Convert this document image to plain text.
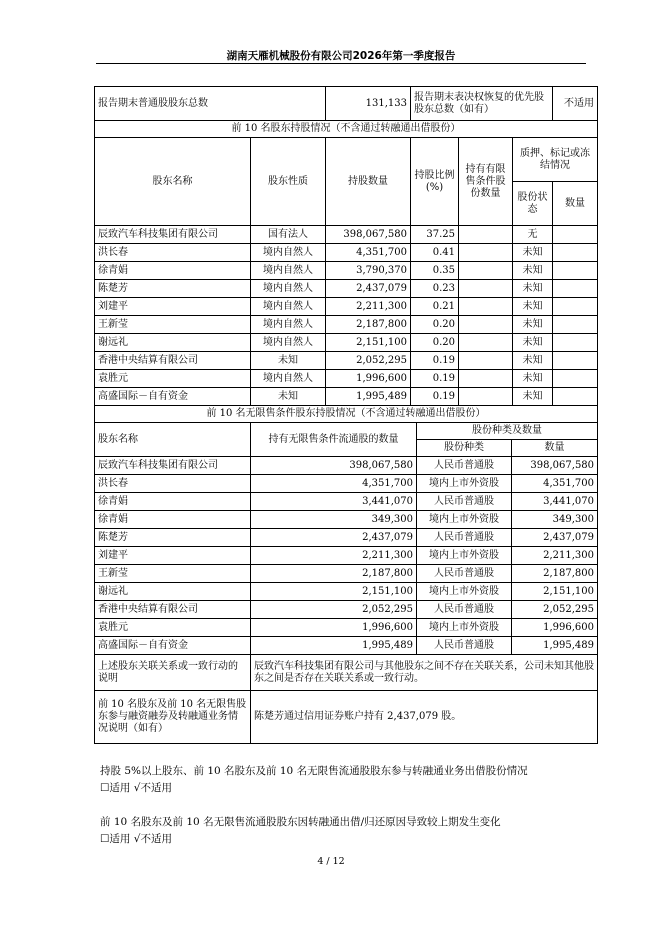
湖南天雁机械股份有限公司2026年第一季度报告
报告期末普通股股东总数		131,133	报告期末表决权恢复的优先股股东总数（如有）			不适用
前 10 名股东持股情况（不含通过转融通出借股份）						
股东名称	股东性质	持股数量	持股比例(%)	持有有限售条件股份数量	质押、标记或冻结情况	
					股份状态	数量
辰致汽车科技集团有限公司	国有法人	398,067,580	37.25		无	
洪长春	境内自然人	4,351,700	0.41		未知	
徐青娟	境内自然人	3,790,370	0.35		未知	
陈楚芳	境内自然人	2,437,079	0.23		未知	
刘建平	境内自然人	2,211,300	0.21		未知	
王新莹	境内自然人	2,187,800	0.20		未知	
谢远礼	境内自然人	2,151,100	0.20		未知	
香港中央结算有限公司	未知	2,052,295	0.19		未知	
袁胜元	境内自然人	1,996,600	0.19		未知	
高盛国际－自有资金	未知	1,995,489	0.19		未知	
前 10 名无限售条件股东持股情况（不含通过转融通出借股份）			
股东名称	持有无限售条件流通股的数量	股份种类及数量	
		股份种类	数量
辰致汽车科技集团有限公司	398,067,580	人民币普通股	398,067,580
洪长春	4,351,700	境内上市外资股	4,351,700
徐青娟	3,441,070	人民币普通股	3,441,070
徐青娟	349,300	境内上市外资股	349,300
陈楚芳	2,437,079	人民币普通股	2,437,079
刘建平	2,211,300	境内上市外资股	2,211,300
王新莹	2,187,800	人民币普通股	2,187,800
谢远礼	2,151,100	境内上市外资股	2,151,100
香港中央结算有限公司	2,052,295	人民币普通股	2,052,295
袁胜元	1,996,600	境内上市外资股	1,996,600
高盛国际－自有资金	1,995,489	人民币普通股	1,995,489
上述股东关联关系或一致行动的说明	辰致汽车科技集团有限公司与其他股东之间不存在关联关系，公司未知其他股东之间是否存在关联关系或一致行动。		
前 10 名股东及前 10 名无限售股东参与融资融券及转融通业务情况说明（如有）	陈楚芳通过信用证券账户持有 2,437,079 股。		
持股 5%以上股东、前 10 名股东及前 10 名无限售流通股股东参与转融通业务出借股份情况
☐适用 √不适用
前 10 名股东及前 10 名无限售流通股股东因转融通出借/归还原因导致较上期发生变化
☐适用 √不适用
4 / 12
